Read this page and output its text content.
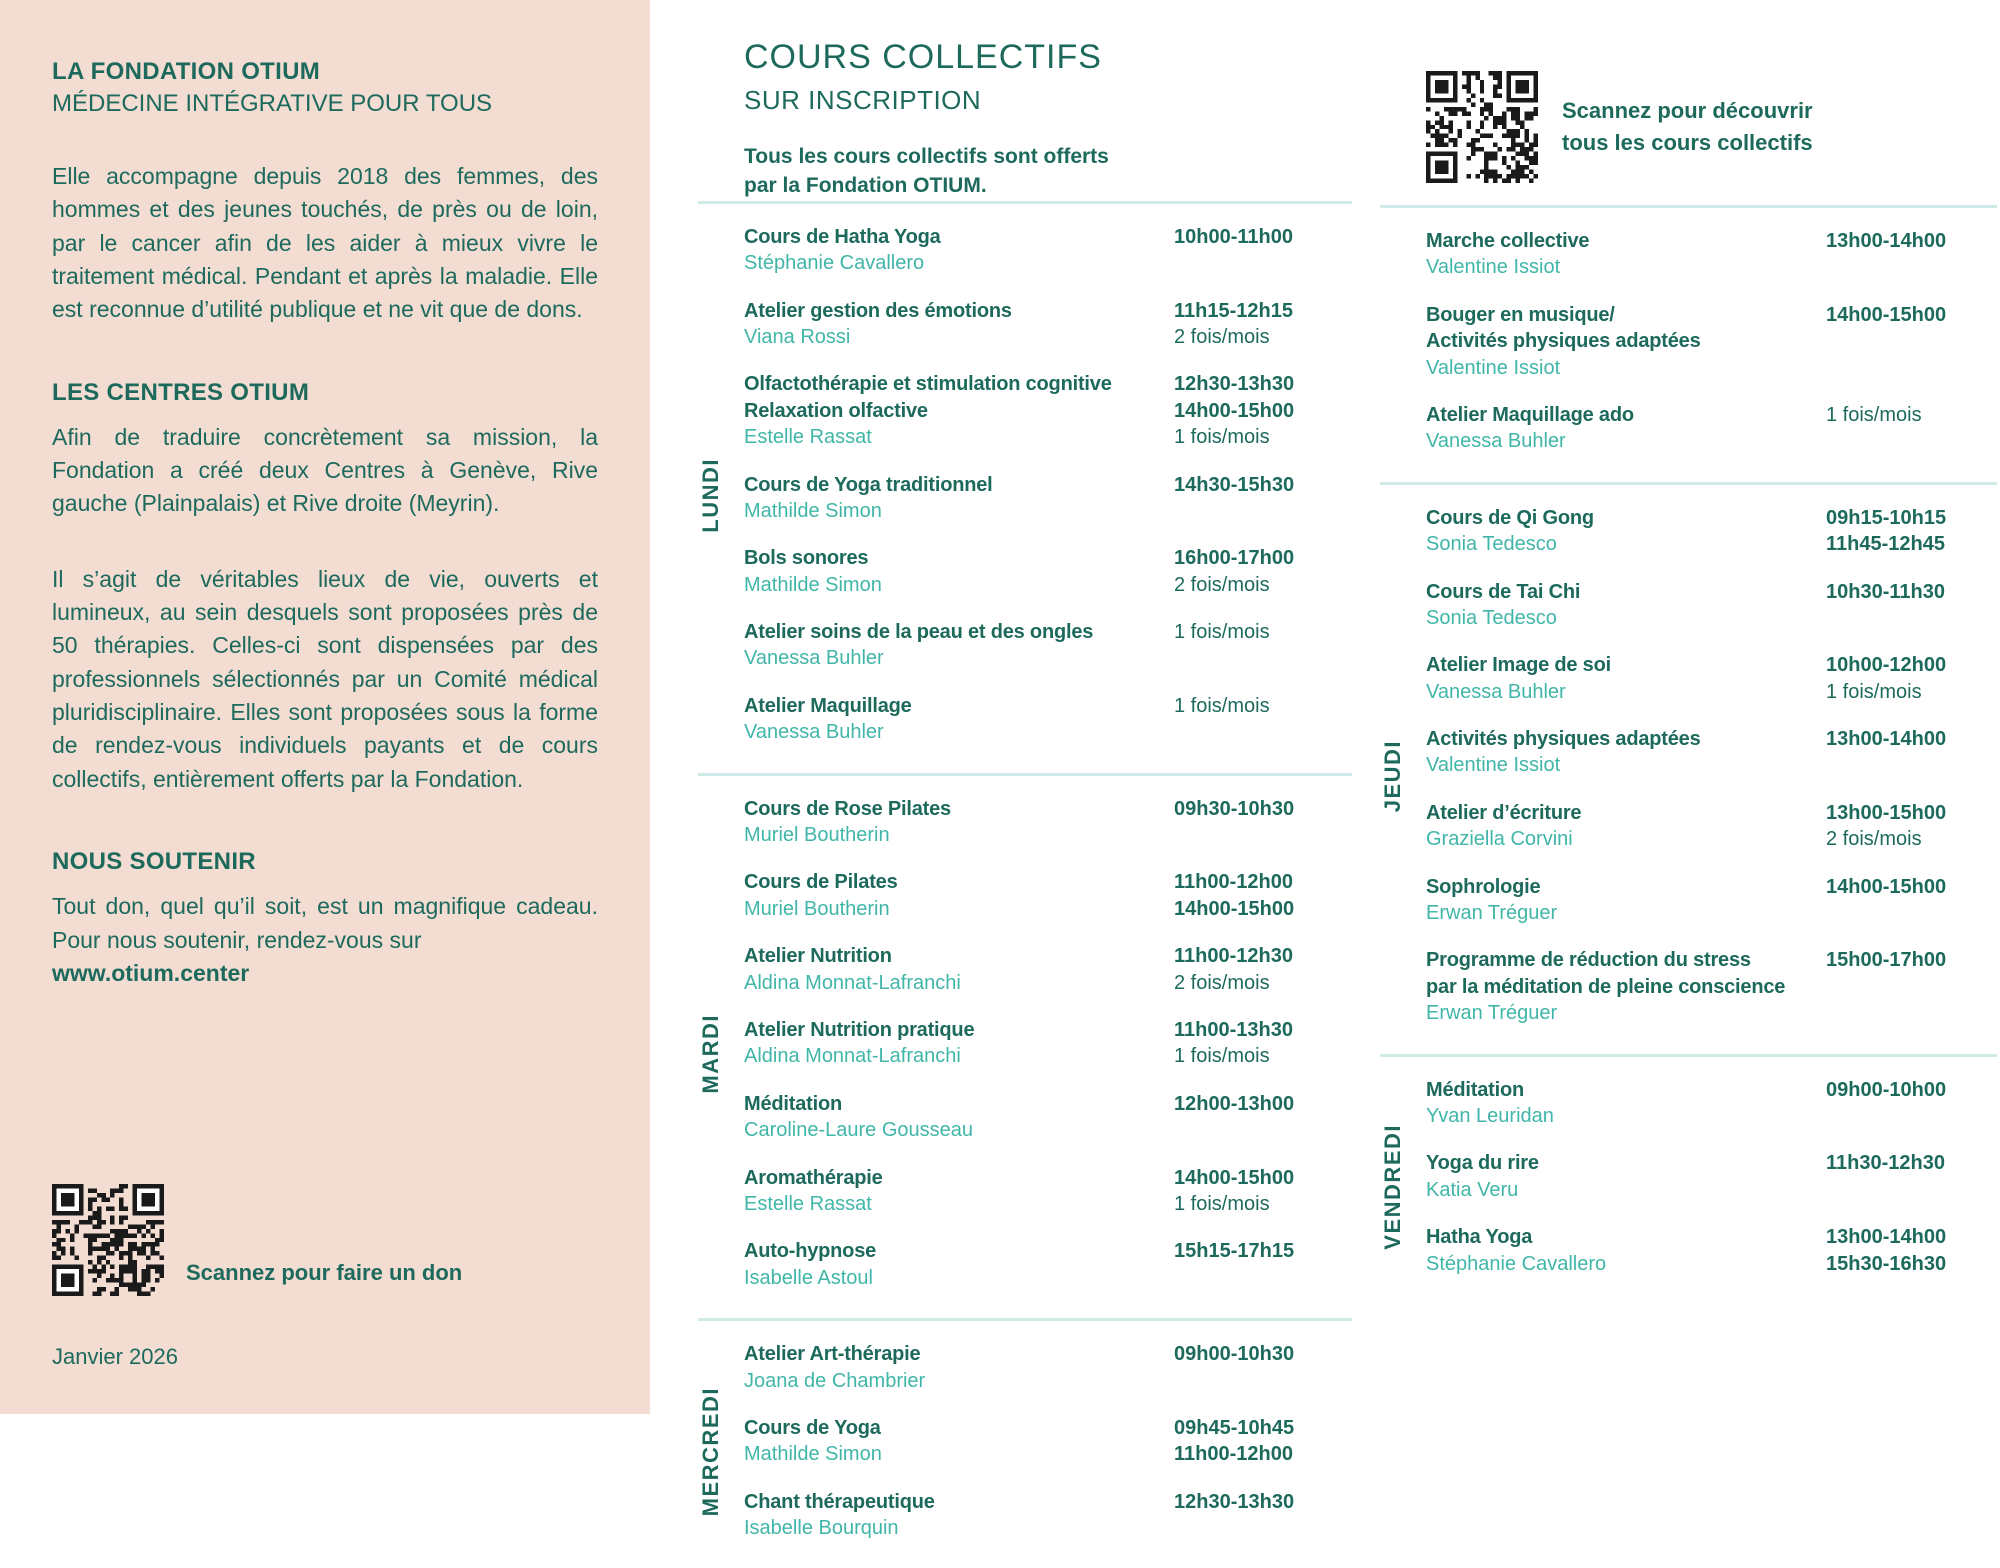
LA FONDATION OTIUM
MÉDECINE INTÉGRATIVE POUR TOUS

Elle accompagne depuis 2018 des femmes, des hommes et des jeunes touchés, de près ou de loin, par le cancer afin de les aider à mieux vivre le traitement médical. Pendant et après la maladie. Elle est reconnue d’utilité publique et ne vit que de dons.

LES CENTRES OTIUM

Afin de traduire concrètement sa mission, la Fondation a créé deux Centres à Genève, Rive gauche (Plainpalais) et Rive droite (Meyrin).

Il s’agit de véritables lieux de vie, ouverts et lumineux, au sein desquels sont proposées près de 50 thérapies. Celles-ci sont dispensées par des professionnels sélectionnés par un Comité médical pluridisciplinaire. Elles sont proposées sous la forme de rendez-vous individuels payants et de cours collectifs, entièrement offerts par la Fondation.

NOUS SOUTENIR

Tout don, quel qu’il soit, est un magnifique cadeau. Pour nous soutenir, rendez-vous sur
www.otium.center

Scannez pour faire un don
Janvier 2026
COURS COLLECTIFS
SUR INSCRIPTION

Tous les cours collectifs sont offerts
par la Fondation OTIUM.

LUNDI
Cours de Hatha Yoga
Stéphanie Cavallero
10h00-11h00
Atelier gestion des émotions
Viana Rossi
11h15-12h15
2 fois/mois
Olfactothérapie et stimulation cognitive
Relaxation olfactive
Estelle Rassat
12h30-13h30
14h00-15h00
1 fois/mois
Cours de Yoga traditionnel
Mathilde Simon
14h30-15h30
Bols sonores
Mathilde Simon
16h00-17h00
2 fois/mois
Atelier soins de la peau et des ongles
Vanessa Buhler
1 fois/mois
Atelier Maquillage
Vanessa Buhler
1 fois/mois
MARDI
Cours de Rose Pilates
Muriel Boutherin
09h30-10h30
Cours de Pilates
Muriel Boutherin
11h00-12h00
14h00-15h00
Atelier Nutrition
Aldina Monnat-Lafranchi
11h00-12h30
2 fois/mois
Atelier Nutrition pratique
Aldina Monnat-Lafranchi
11h00-13h30
1 fois/mois
Méditation
Caroline-Laure Gousseau
12h00-13h00
Aromathérapie
Estelle Rassat
14h00-15h00
1 fois/mois
Auto-hypnose
Isabelle Astoul
15h15-17h15
MERCREDI
Atelier Art-thérapie
Joana de Chambrier
09h00-10h30
Cours de Yoga
Mathilde Simon
09h45-10h45
11h00-12h00
Chant thérapeutique
Isabelle Bourquin
12h30-13h30
Scannez pour découvrir
tous les cours collectifs
Marche collective
Valentine Issiot
13h00-14h00
Bouger en musique/
Activités physiques adaptées
Valentine Issiot
14h00-15h00
Atelier Maquillage ado
Vanessa Buhler
1 fois/mois
JEUDI
Cours de Qi Gong
Sonia Tedesco
09h15-10h15
11h45-12h45
Cours de Tai Chi
Sonia Tedesco
10h30-11h30
Atelier Image de soi
Vanessa Buhler
10h00-12h00
1 fois/mois
Activités physiques adaptées
Valentine Issiot
13h00-14h00
Atelier d’écriture
Graziella Corvini
13h00-15h00
2 fois/mois
Sophrologie
Erwan Tréguer
14h00-15h00
Programme de réduction du stress
par la méditation de pleine conscience
Erwan Tréguer
15h00-17h00
VENDREDI
Méditation
Yvan Leuridan
09h00-10h00
Yoga du rire
Katia Veru
11h30-12h30
Hatha Yoga
Stéphanie Cavallero
13h00-14h00
15h30-16h30
